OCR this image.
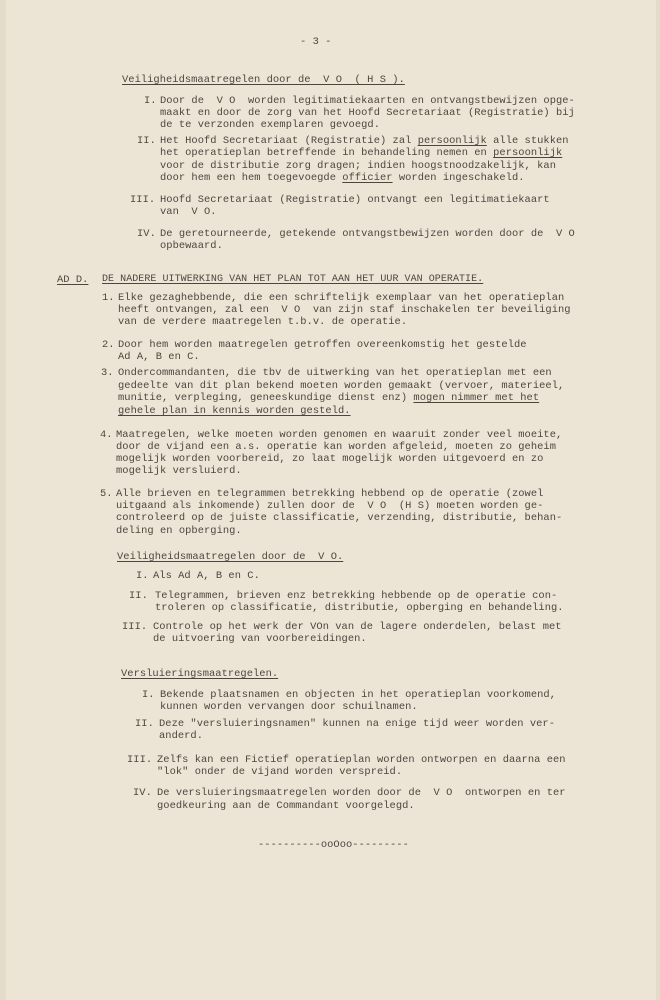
- 3 -
Veiligheidsmaatregelen door de  V O  ( H S ).
I. Door de  V O  worden legitimatiekaarten en ontvangstbewijzen opge-
maakt en door de zorg van het Hoofd Secretariaat (Registratie) bij
de te verzonden exemplaren gevoegd.
II. Het Hoofd Secretariaat (Registratie) zal persoonlijk alle stukken
het operatieplan betreffende in behandeling nemen en persoonlijk
voor de distributie zorg dragen; indien hoogstnoodzakelijk, kan
door hem een hem toegevoegde officier worden ingeschakeld.
III. Hoofd Secretariaat (Registratie) ontvangt een legitimatiekaart
van  V O.
IV. De geretourneerde, getekende ontvangstbewijzen worden door de  V O
opbewaard.
AD D. DE NADERE UITWERKING VAN HET PLAN TOT AAN HET UUR VAN OPERATIE.
1. Elke gezaghebbende, die een schriftelijk exemplaar van het operatieplan
heeft ontvangen, zal een  V O  van zijn staf inschakelen ter beveiliging
van de verdere maatregelen t.b.v. de operatie.
2. Door hem worden maatregelen getroffen overeenkomstig het gestelde
Ad A, B en C.
3. Ondercommandanten, die tbv de uitwerking van het operatieplan met een
gedeelte van dit plan bekend moeten worden gemaakt (vervoer, materieel,
munitie, verpleging, geneeskundige dienst enz) mogen nimmer met het
gehele plan in kennis worden gesteld.
4. Maatregelen, welke moeten worden genomen en waaruit zonder veel moeite,
door de vijand een a.s. operatie kan worden afgeleid, moeten zo geheim
mogelijk worden voorbereid, zo laat mogelijk worden uitgevoerd en zo
mogelijk versluierd.
5. Alle brieven en telegrammen betrekking hebbend op de operatie (zowel
uitgaand als inkomende) zullen door de  V O  (H S) moeten worden ge-
controleerd op de juiste classificatie, verzending, distributie, behan-
deling en opberging.
Veiligheidsmaatregelen door de  V O.
I. Als Ad A, B en C.
II. Telegrammen, brieven enz betrekking hebbende op de operatie con-
troleren op classificatie, distributie, opberging en behandeling.
III. Controle op het werk der VOn van de lagere onderdelen, belast met
de uitvoering van voorbereidingen.
Versluieringsmaatregelen.
I. Bekende plaatsnamen en objecten in het operatieplan voorkomend,
kunnen worden vervangen door schuilnamen.
II. Deze "versluieringsnamen" kunnen na enige tijd weer worden ver-
anderd.
III. Zelfs kan een Fictief operatieplan worden ontworpen en daarna een
"lok" onder de vijand worden verspreid.
IV. De versluieringsmaatregelen worden door de  V O  ontworpen en ter
goedkeuring aan de Commandant voorgelegd.
----------ooOoo---------
